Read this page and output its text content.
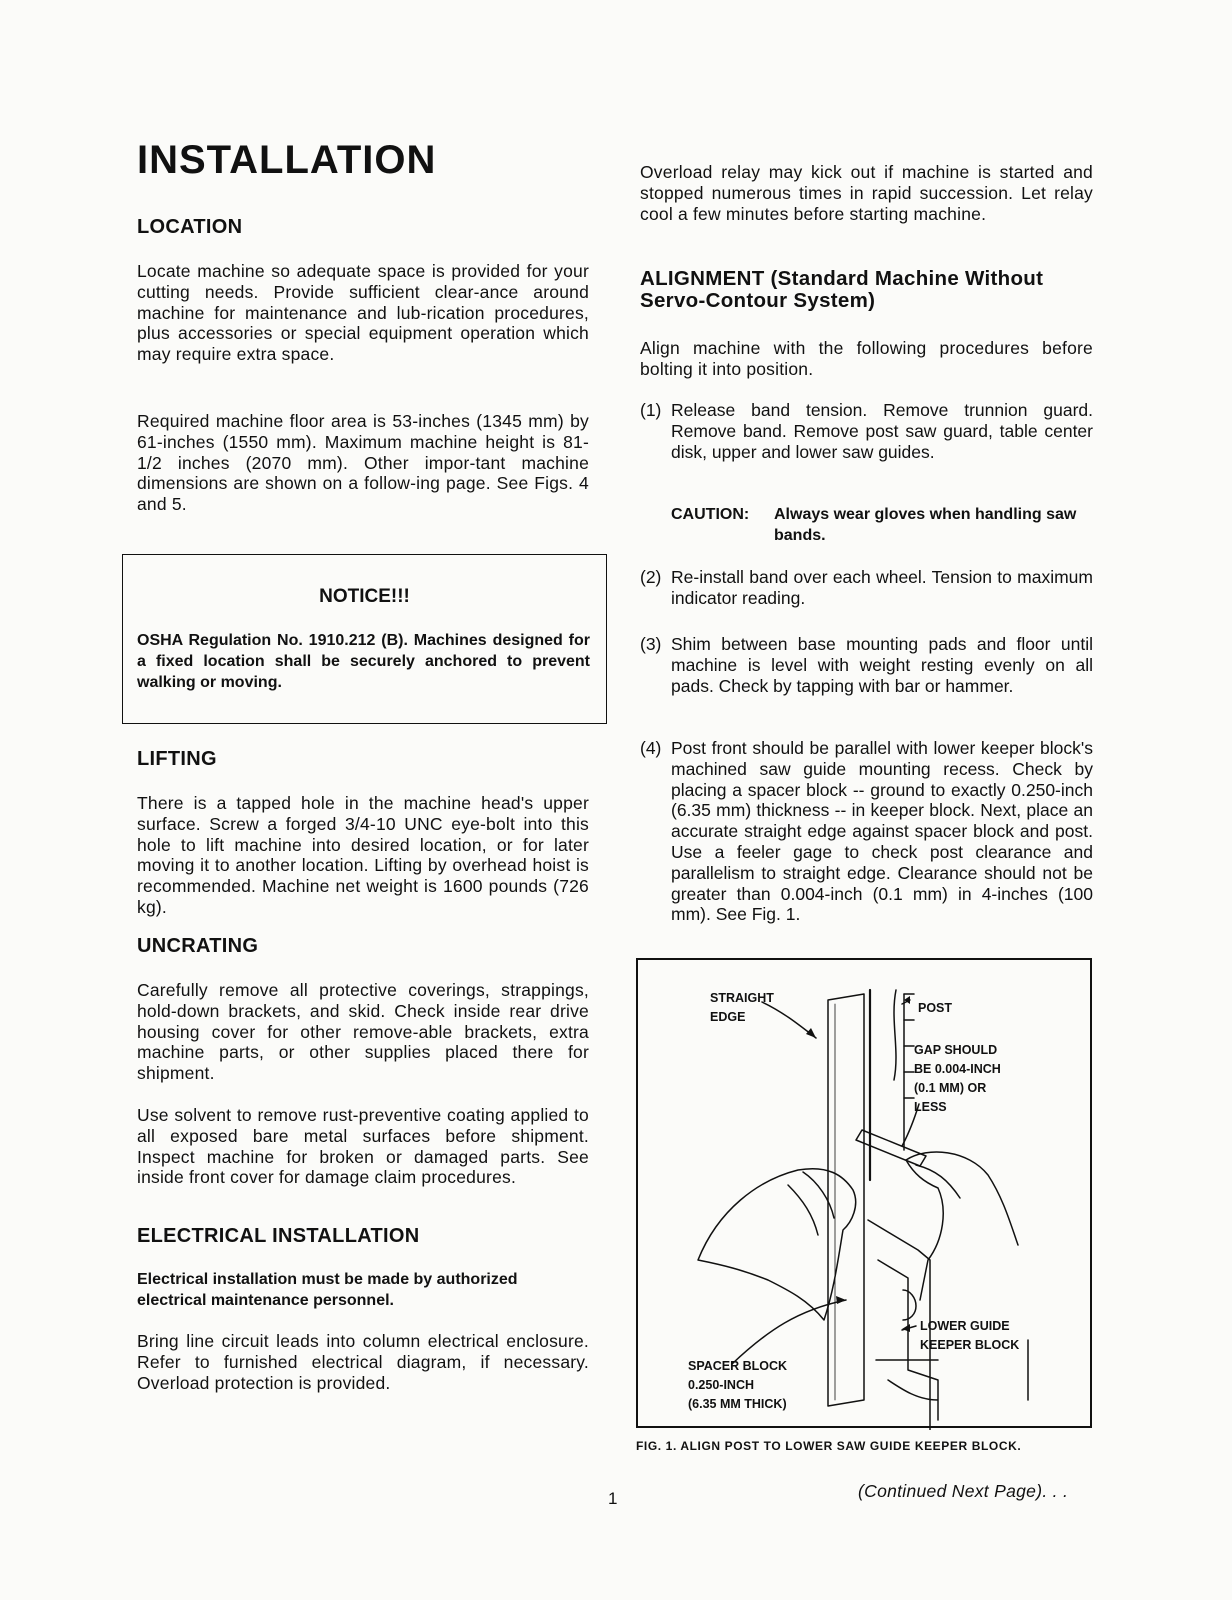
INSTALLATION
LOCATION

Locate machine so adequate space is provided for your cutting needs. Provide sufficient clear-ance around machine for maintenance and lub-rication procedures, plus accessories or special equipment operation which may require extra space.

Required machine floor area is 53-inches (1345 mm) by 61-inches (1550 mm). Maximum machine height is 81-1/2 inches (2070 mm). Other impor-tant machine dimensions are shown on a follow-ing page. See Figs. 4 and 5.

LIFTING

There is a tapped hole in the machine head's upper surface. Screw a forged 3/4-10 UNC eye-bolt into this hole to lift machine into desired location, or for later moving it to another location. Lifting by overhead hoist is recommended. Machine net weight is 1600 pounds (726 kg).

UNCRATING

Carefully remove all protective coverings, strappings, hold-down brackets, and skid. Check inside rear drive housing cover for other remove-able brackets, extra machine parts, or other supplies placed there for shipment.

Use solvent to remove rust-preventive coating applied to all exposed bare metal surfaces before shipment. Inspect machine for broken or damaged parts. See inside front cover for damage claim procedures.

ELECTRICAL INSTALLATION

Electrical installation must be made by authorized electrical maintenance personnel.

Bring line circuit leads into column electrical enclosure. Refer to furnished electrical diagram, if necessary. Overload protection is provided.

NOTICE!!!
OSHA Regulation No. 1910.212 (B). Machines designed for a fixed location shall be securely anchored to prevent walking or moving.

Overload relay may kick out if machine is started and stopped numerous times in rapid succession. Let relay cool a few minutes before starting machine.

ALIGNMENT (Standard Machine Without Servo-Contour System)

Align machine with the following procedures before bolting it into position.

(1) Release band tension. Remove trunnion guard. Remove band. Remove post saw guard, table center disk, upper and lower saw guides.
(2) Re-install band over each wheel. Tension to maximum indicator reading.
(3) Shim between base mounting pads and floor until machine is level with weight resting evenly on all pads. Check by tapping with bar or hammer.
(4) Post front should be parallel with lower keeper block's machined saw guide mounting recess. Check by placing a spacer block -- ground to exactly 0.250-inch (6.35 mm) thickness -- in keeper block. Next, place an accurate straight edge against spacer block and post. Use a feeler gage to check post clearance and parallelism to straight edge. Clearance should not be greater than 0.004-inch (0.1 mm) in 4-inches (100 mm). See Fig. 1.
CAUTION: Always wear gloves when handling saw bands.
STRAIGHT
EDGE
POST
GAP SHOULD
BE 0.004-INCH
(0.1 MM) OR
LESS
LOWER GUIDE
KEEPER BLOCK
SPACER BLOCK
0.250-INCH
(6.35 MM THICK)
FIG. 1. ALIGN POST TO LOWER SAW GUIDE KEEPER BLOCK.
1	(Continued Next Page). . .
